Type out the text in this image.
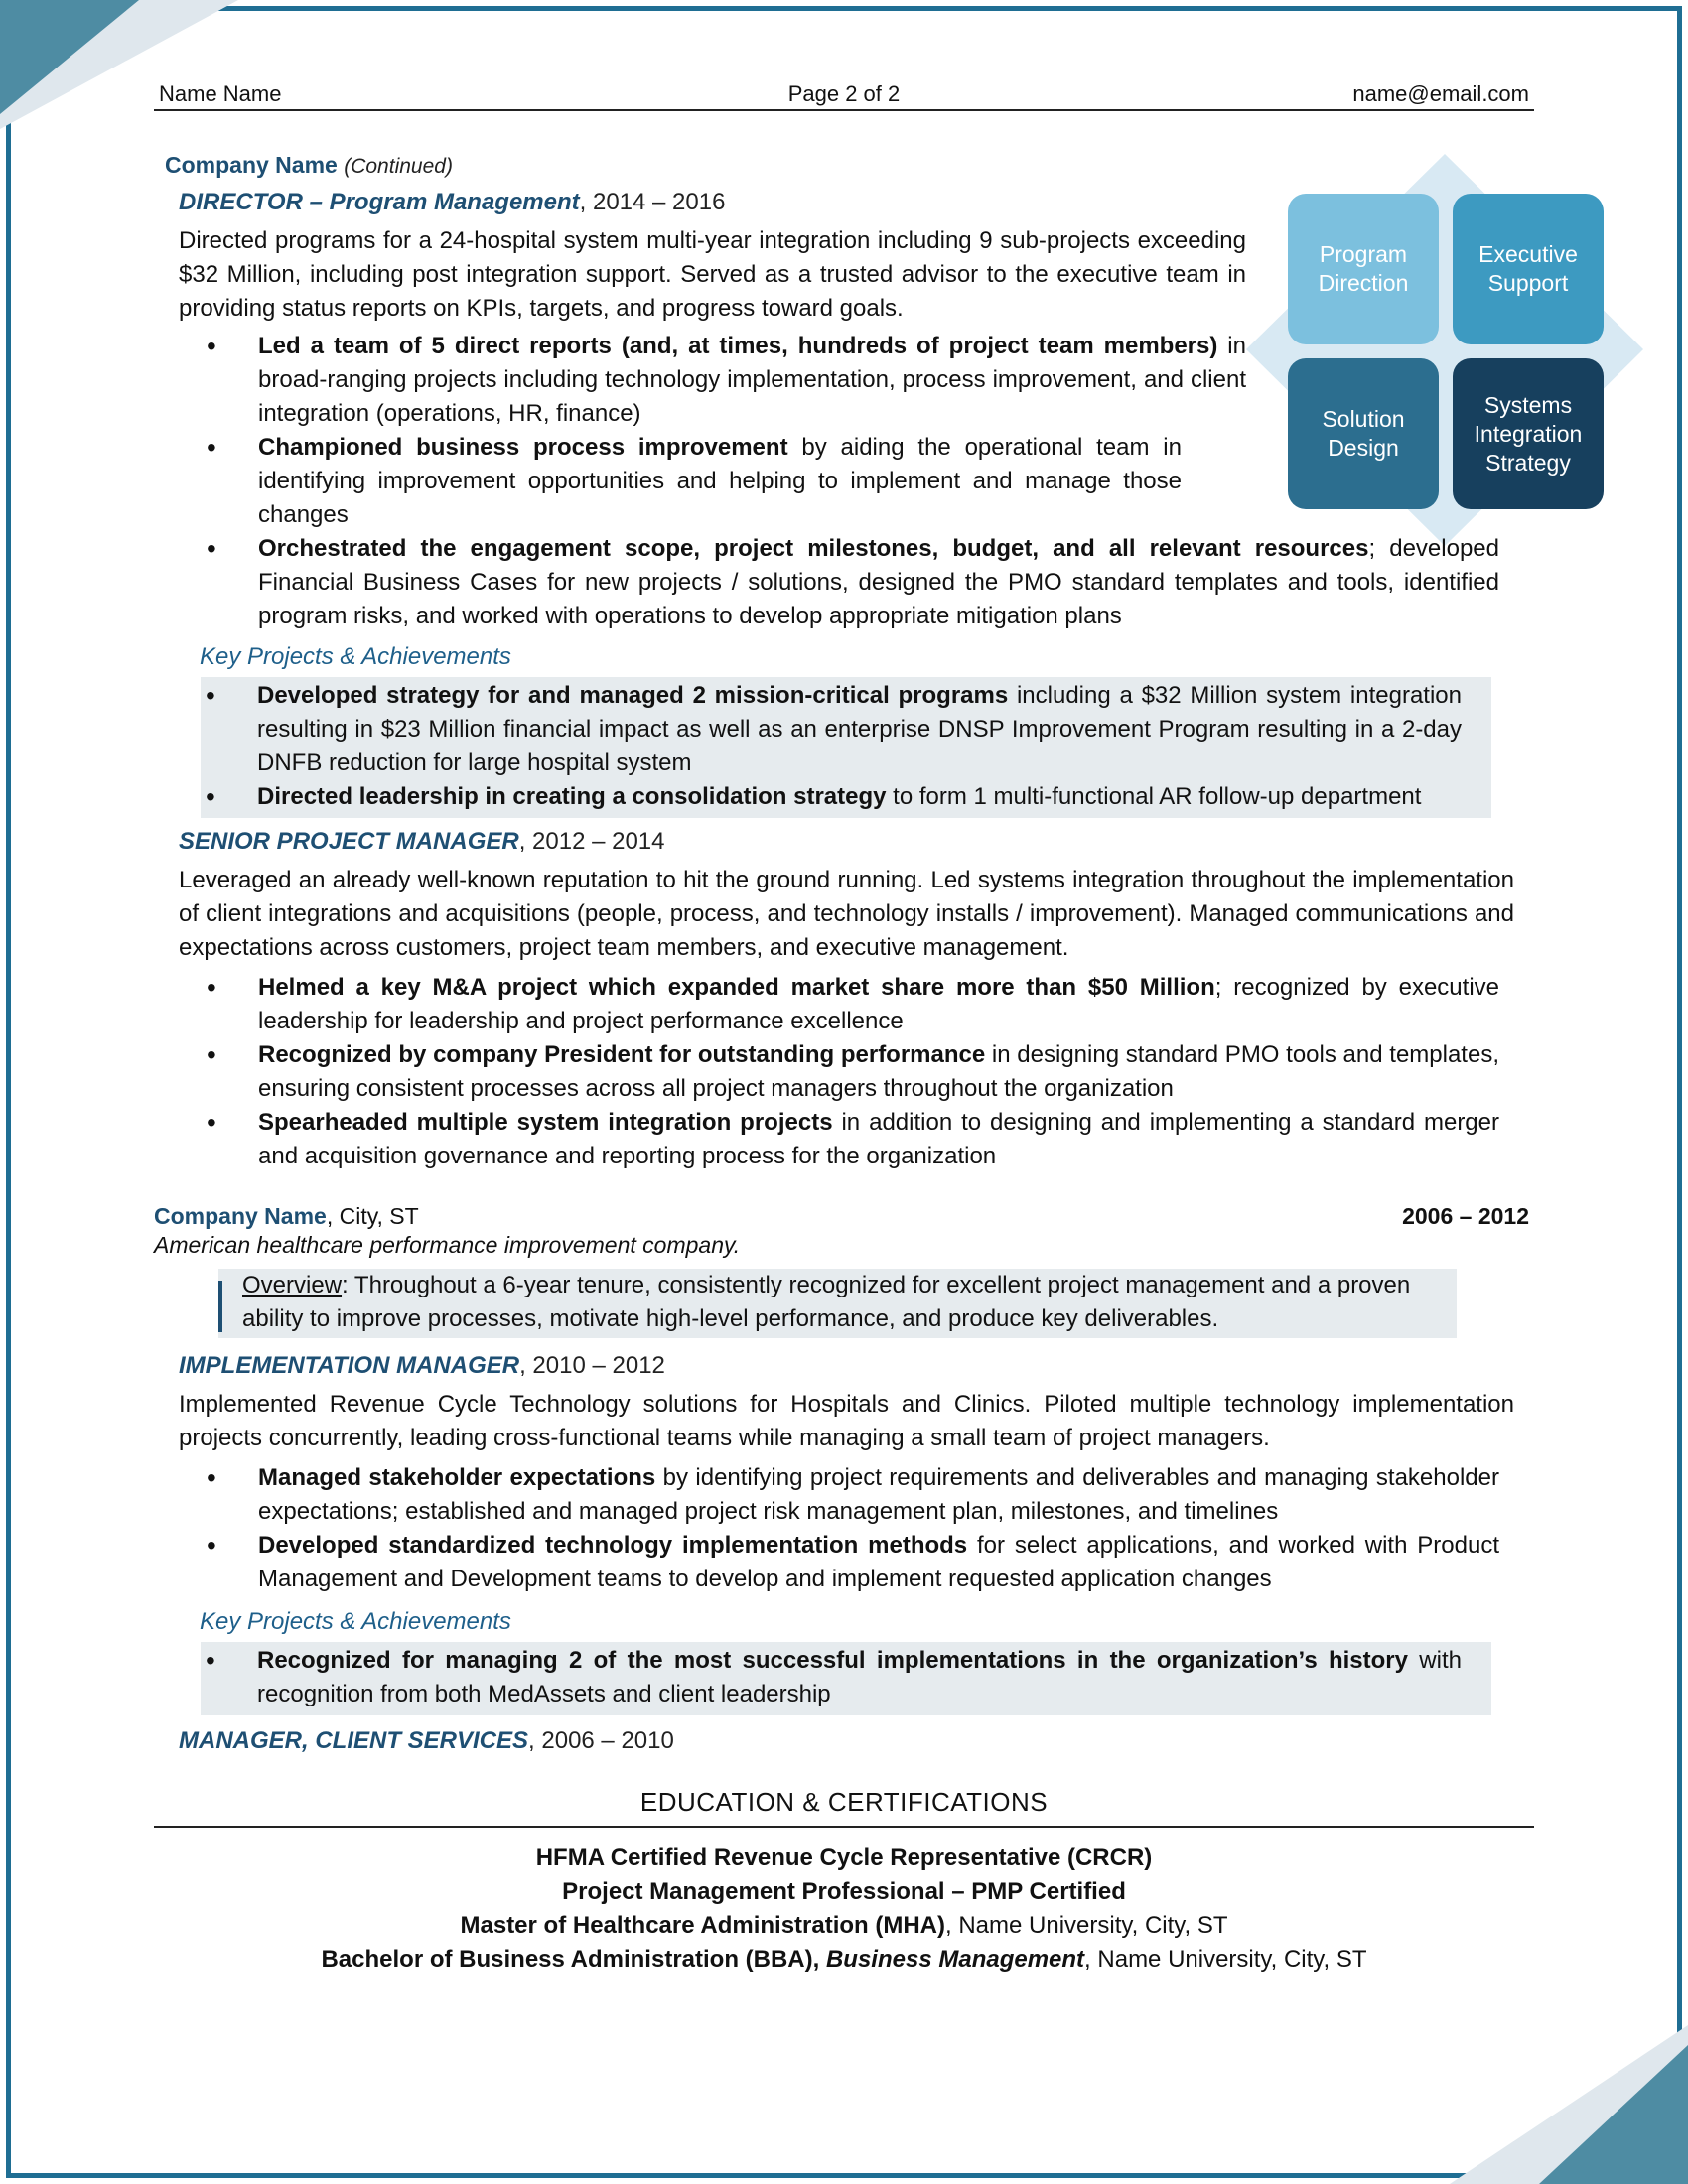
Program Direction
Executive Support
Solution Design
Systems Integration Strategy
Name Name	Page 2 of 2	name@email.com
Company Name (Continued)
DIRECTOR – Program Management, 2014 – 2016
Directed programs for a 24-hospital system multi-year integration including 9 sub-projects exceeding $32 Million, including post integration support. Served as a trusted advisor to the executive team in providing status reports on KPIs, targets, and progress toward goals.
• Led a team of 5 direct reports (and, at times, hundreds of project team members) in broad-ranging projects including technology implementation, process improvement, and client integration (operations, HR, finance)
• Championed business process improvement by aiding the operational team in identifying improvement opportunities and helping to implement and manage those changes
• Orchestrated the engagement scope, project milestones, budget, and all relevant resources; developed Financial Business Cases for new projects / solutions, designed the PMO standard templates and tools, identified program risks, and worked with operations to develop appropriate mitigation plans
Key Projects & Achievements
• Developed strategy for and managed 2 mission-critical programs including a $32 Million system integration resulting in $23 Million financial impact as well as an enterprise DNSP Improvement Program resulting in a 2-day DNFB reduction for large hospital system
• Directed leadership in creating a consolidation strategy to form 1 multi-functional AR follow-up department
SENIOR PROJECT MANAGER, 2012 – 2014
Leveraged an already well-known reputation to hit the ground running. Led systems integration throughout the implementation of client integrations and acquisitions (people, process, and technology installs / improvement). Managed communications and expectations across customers, project team members, and executive management.
• Helmed a key M&A project which expanded market share more than $50 Million; recognized by executive leadership for leadership and project performance excellence
• Recognized by company President for outstanding performance in designing standard PMO tools and templates, ensuring consistent processes across all project managers throughout the organization
• Spearheaded multiple system integration projects in addition to designing and implementing a standard merger and acquisition governance and reporting process for the organization
Company Name, City, ST	2006 – 2012
American healthcare performance improvement company.
Overview: Throughout a 6-year tenure, consistently recognized for excellent project management and a proven ability to improve processes, motivate high-level performance, and produce key deliverables.
IMPLEMENTATION MANAGER, 2010 – 2012
Implemented Revenue Cycle Technology solutions for Hospitals and Clinics. Piloted multiple technology implementation projects concurrently, leading cross-functional teams while managing a small team of project managers.
• Managed stakeholder expectations by identifying project requirements and deliverables and managing stakeholder expectations; established and managed project risk management plan, milestones, and timelines
• Developed standardized technology implementation methods for select applications, and worked with Product Management and Development teams to develop and implement requested application changes
Key Projects & Achievements
• Recognized for managing 2 of the most successful implementations in the organization’s history with recognition from both MedAssets and client leadership
MANAGER, CLIENT SERVICES, 2006 – 2010
EDUCATION & CERTIFICATIONS
HFMA Certified Revenue Cycle Representative (CRCR)
Project Management Professional – PMP Certified
Master of Healthcare Administration (MHA), Name University, City, ST
Bachelor of Business Administration (BBA), Business Management, Name University, City, ST
